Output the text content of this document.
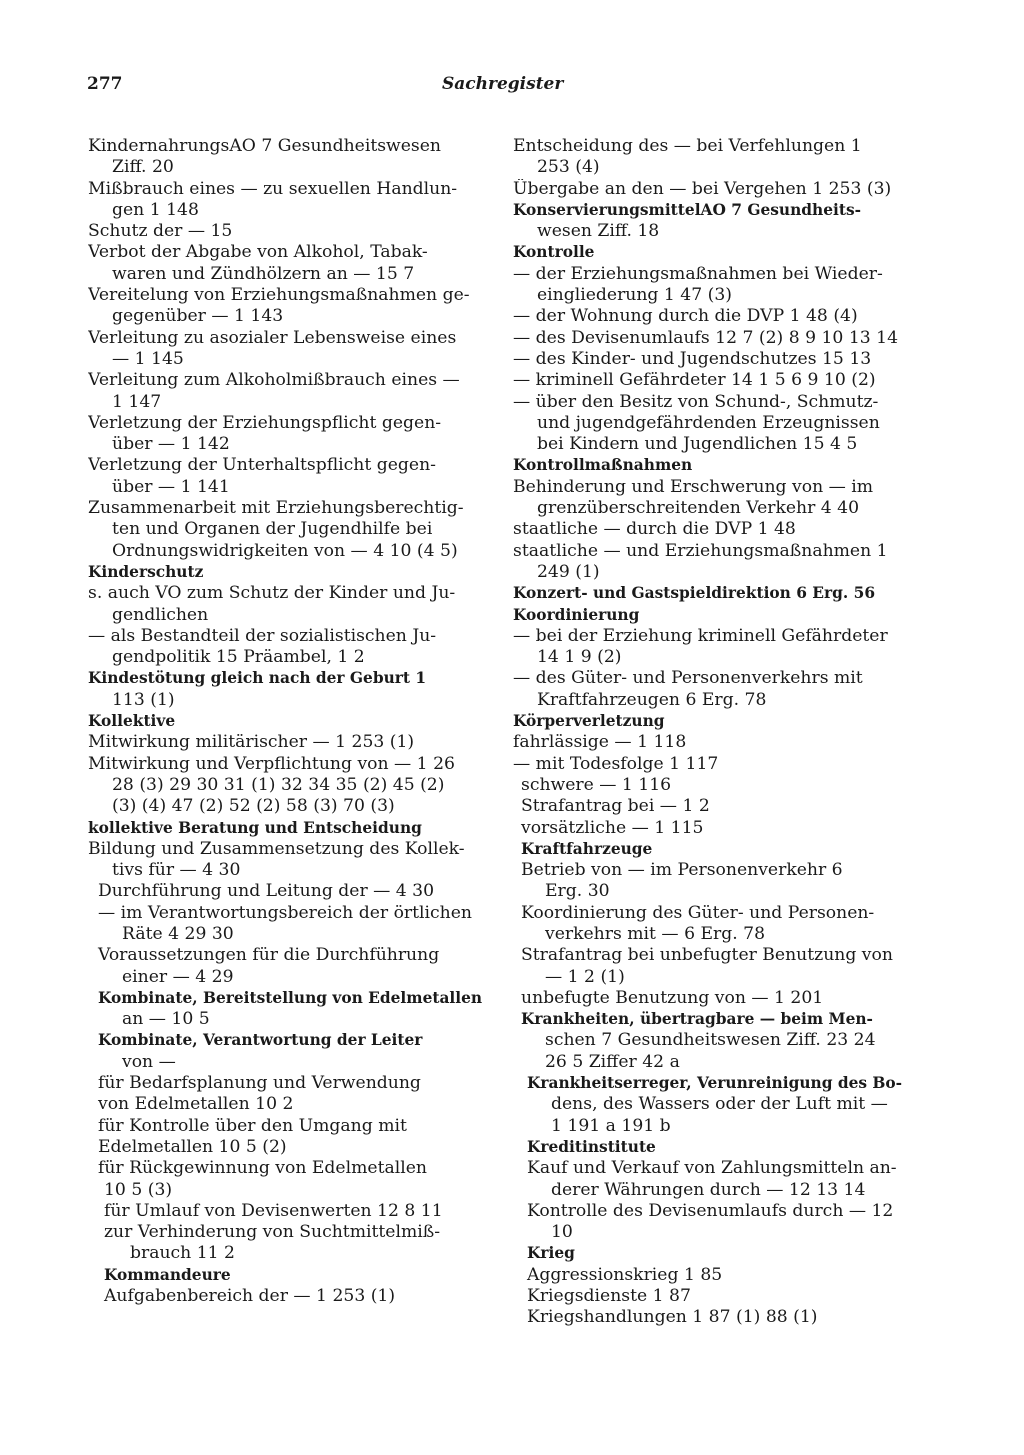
277	Sachregister
KindernahrungsAO 7 Gesundheitswesen
Ziff. 20
Mißbrauch eines — zu sexuellen Handlun-
gen 1 148
Schutz der — 15
Verbot der Abgabe von Alkohol, Tabak-
waren und Zündhölzern an — 15 7
Vereitelung von Erziehungsmaßnahmen ge-
gegenüber — 1 143
Verleitung zu asozialer Lebensweise eines
— 1 145
Verleitung zum Alkoholmißbrauch eines —
1 147
Verletzung der Erziehungspflicht gegen-
über — 1 142
Verletzung der Unterhaltspflicht gegen-
über — 1 141
Zusammenarbeit mit Erziehungsberechtig-
ten und Organen der Jugendhilfe bei
Ordnungswidrigkeiten von — 4 10 (4 5)
Kinderschutz
s. auch VO zum Schutz der Kinder und Ju-
gendlichen
— als Bestandteil der sozialistischen Ju-
gendpolitik 15 Präambel, 1 2
Kindestötung gleich nach der Geburt 1
113 (1)
Kollektive
Mitwirkung militärischer — 1 253 (1)
Mitwirkung und Verpflichtung von — 1 26
28 (3) 29 30 31 (1) 32 34 35 (2) 45 (2)
(3) (4) 47 (2) 52 (2) 58 (3) 70 (3)
kollektive Beratung und Entscheidung
Bildung und Zusammensetzung des Kollek-
tivs für — 4 30
Durchführung und Leitung der — 4 30
— im Verantwortungsbereich der örtlichen
Räte 4 29 30
Voraussetzungen für die Durchführung
einer — 4 29
Kombinate, Bereitstellung von Edelmetallen
an — 10 5
Kombinate, Verantwortung der Leiter
von —
für Bedarfsplanung und Verwendung
von Edelmetallen 10 2
für Kontrolle über den Umgang mit
Edelmetallen 10 5 (2)
für Rückgewinnung von Edelmetallen
10 5 (3)
für Umlauf von Devisenwerten 12 8 11
zur Verhinderung von Suchtmittelmiß-
brauch 11 2
Kommandeure
Aufgabenbereich der — 1 253 (1)
Entscheidung des — bei Verfehlungen 1
253 (4)
Übergabe an den — bei Vergehen 1 253 (3)
KonservierungsmittelAO 7 Gesundheits-
wesen Ziff. 18
Kontrolle
— der Erziehungsmaßnahmen bei Wieder-
eingliederung 1 47 (3)
— der Wohnung durch die DVP 1 48 (4)
— des Devisenumlaufs 12 7 (2) 8 9 10 13 14
— des Kinder- und Jugendschutzes 15 13
— kriminell Gefährdeter 14 1 5 6 9 10 (2)
— über den Besitz von Schund-, Schmutz-
und jugendgefährdenden Erzeugnissen
bei Kindern und Jugendlichen 15 4 5
Kontrollmaßnahmen
Behinderung und Erschwerung von — im
grenzüberschreitenden Verkehr 4 40
staatliche — durch die DVP 1 48
staatliche — und Erziehungsmaßnahmen 1
249 (1)
Konzert- und Gastspieldirektion 6 Erg. 56
Koordinierung
— bei der Erziehung kriminell Gefährdeter
14 1 9 (2)
— des Güter- und Personenverkehrs mit
Kraftfahrzeugen 6 Erg. 78
Körperverletzung
fahrlässige — 1 118
— mit Todesfolge 1 117
schwere — 1 116
Strafantrag bei — 1 2
vorsätzliche — 1 115
Kraftfahrzeuge
Betrieb von — im Personenverkehr 6
Erg. 30
Koordinierung des Güter- und Personen-
verkehrs mit — 6 Erg. 78
Strafantrag bei unbefugter Benutzung von
— 1 2 (1)
unbefugte Benutzung von — 1 201
Krankheiten, übertragbare — beim Men-
schen 7 Gesundheitswesen Ziff. 23 24
26 5 Ziffer 42 a
Krankheitserreger, Verunreinigung des Bo-
dens, des Wassers oder der Luft mit —
1 191 a 191 b
Kreditinstitute
Kauf und Verkauf von Zahlungsmitteln an-
derer Währungen durch — 12 13 14
Kontrolle des Devisenumlaufs durch — 12
10
Krieg
Aggressionskrieg 1 85
Kriegsdienste 1 87
Kriegshandlungen 1 87 (1) 88 (1)
